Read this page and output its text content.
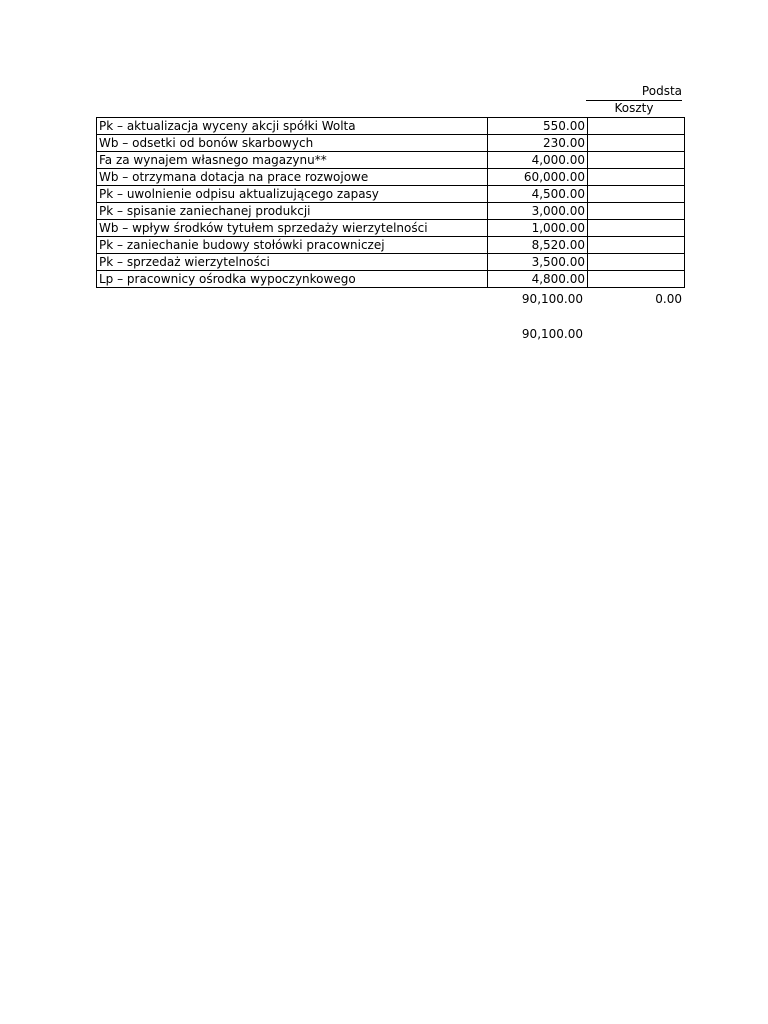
Podsta
Koszty
Pk – aktualizacja wyceny akcji spółki Wolta	550.00	
Wb – odsetki od bonów skarbowych	230.00	
Fa za wynajem własnego magazynu**	4,000.00	
Wb – otrzymana dotacja na prace rozwojowe	60,000.00	
Pk – uwolnienie odpisu aktualizującego zapasy	4,500.00	
Pk – spisanie zaniechanej produkcji	3,000.00	
Wb – wpływ środków tytułem sprzedaży wierzytelności	1,000.00	
Pk – zaniechanie budowy stołówki pracowniczej	8,520.00	
Pk – sprzedaż wierzytelności	3,500.00	
Lp – pracownicy ośrodka wypoczynkowego	4,800.00	
90,100.00	0.00
90,100.00
